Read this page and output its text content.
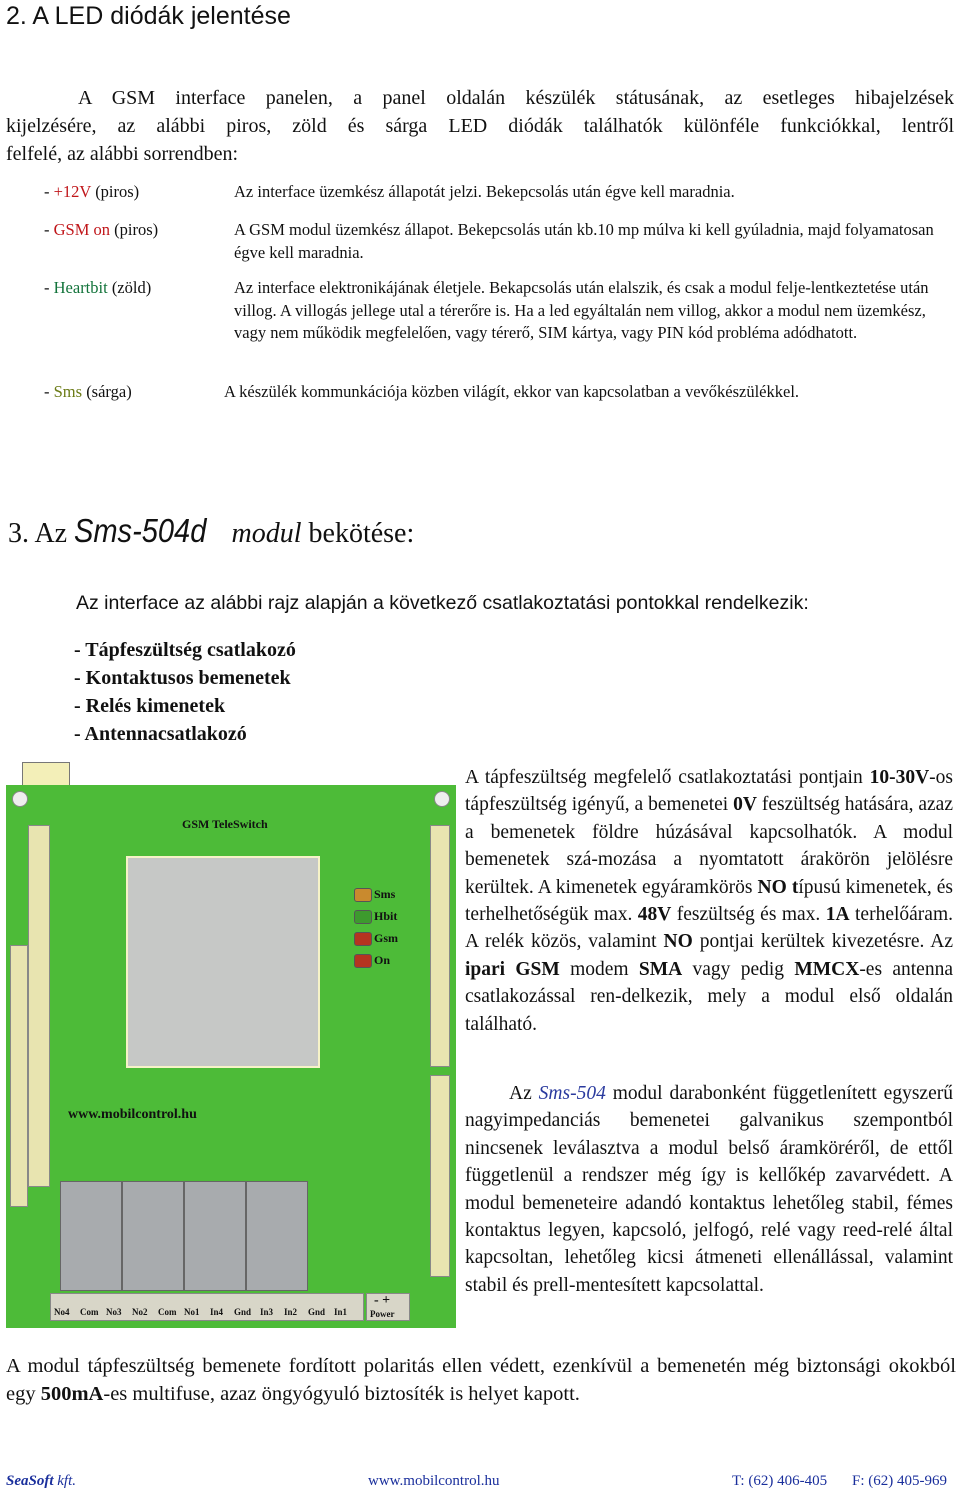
2. A LED diódák jelentése
A GSM interface panelen, a panel oldalán készülék státusának, az esetleges hibajelzések
kijelzésére, az alábbi piros, zöld és sárga LED diódák találhatók különféle funkciókkal, lentről
felfelé, az alábbi sorrendben:
- +12V (piros)	Az interface üzemkész állapotát jelzi. Bekepcsolás után égve kell maradnia.
- GSM on (piros)	A GSM modul üzemkész állapot. Bekepcsolás után kb.10 mp múlva ki kell gyúladnia, majd folyamatosan égve kell maradnia.
- Heartbit (zöld)	Az interface elektronikájának életjele. Bekapcsolás után elalszik, és csak a modul felje-lentkeztetése után villog. A villogás jellege utal a térerőre is. Ha a led egyáltalán nem villog, akkor a modul nem üzemkész, vagy nem működik megfelelően, vagy térerő, SIM kártya, vagy PIN kód probléma adódhatott.
- Sms (sárga)	A készülék kommunkációja közben világít, ekkor van kapcsolatban a vevőkészülékkel.
3. Az Sms-504d modul bekötése:
Az interface az alábbi rajz alapján a következő csatlakoztatási pontokkal rendelkezik:
- Tápfeszültség csatlakozó
- Kontaktusos bemenetek
- Relés kimenetek
- Antennacsatlakozó
GSM TeleSwitch
Sms
Hbit
Gsm
On
www.mobilcontrol.hu
No4 Com No3 No2 Com No1 In4 Gnd In3 In2 Gnd In1	Power
- +
A tápfeszültség megfelelő csatlakoztatási pontjain 10-30V-os tápfeszültség igényű, a bemenetei 0V feszültség hatására, azaz a bemenetek földre húzásával kapcsolhatók. A modul bemenetek szá-mozása a nyomtatott árakörön jelölésre kerültek. A kimenetek egyáramkörös NO típusú kimenetek, és terhelhetőségük max. 48V feszültség és max. 1A terhelőáram. A relék közös, valamint NO pontjai kerültek kivezetésre. Az ipari GSM modem SMA vagy pedig MMCX-es antenna csatlakozással ren-delkezik, mely a modul első oldalán található.
Az Sms-504 modul darabonként függetlenített egyszerű nagyimpedanciás bemenetei galvanikus szempontból nincsenek leválasztva a modul belső áramköréről, de ettől függetlenül a rendszer még így is kellőkép zavarvédett. A modul bemeneteire adandó kontaktus lehetőleg stabil, fémes kontaktus legyen, kapcsoló, jelfogó, relé vagy reed-relé által kapcsoltan, lehetőleg kicsi átmeneti ellenállással, valamint stabil és prell-mentesített kapcsolattal.
A modul tápfeszültség bemenete fordított polaritás ellen védett, ezenkívül a bemenetén még biztonsági okokból egy 500mA-es multifuse, azaz öngyógyuló biztosíték is helyet kapott.
SeaSoft kft.	www.mobilcontrol.hu	T: (62) 406-405 F: (62) 405-969
